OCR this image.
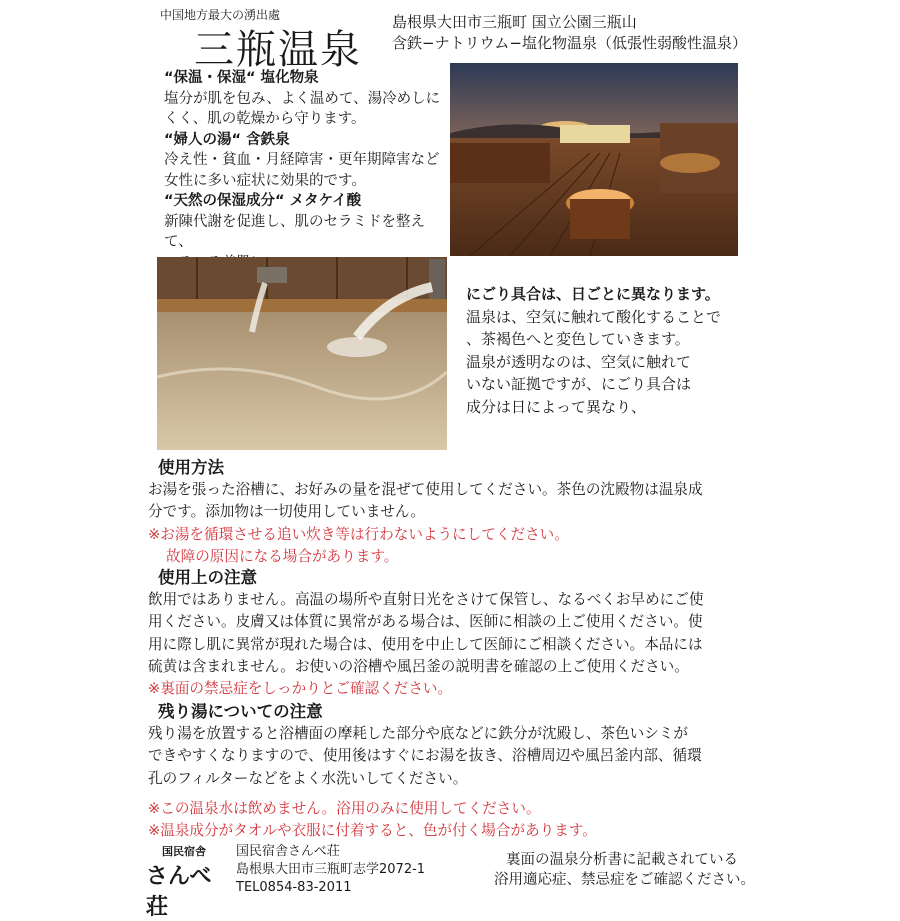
中国地方最大の湧出處
三瓶温泉
島根県大田市三瓶町 国立公園三瓶山
含鉄−ナトリウム−塩化物温泉（低張性弱酸性温泉）
“保温・保湿“ 塩化物泉
塩分が肌を包み、よく温めて、湯冷めしに
くく、肌の乾燥から守ります。
“婦人の湯“ 含鉄泉
冷え性・貧血・月経障害・更年期障害など
女性に多い症状に効果的です。
“天然の保湿成分“ メタケイ酸
新陳代謝を促進し、肌のセラミドを整えて、
にごり具合は、日ごとに異なります。
温泉は、空気に触れて酸化することで
、茶褐色へと変色していきます。
温泉が透明なのは、空気に触れて
いない証拠ですが、にごり具合は
成分は日によって異なり、
使用方法
お湯を張った浴槽に、お好みの量を混ぜて使用してください。茶色の沈殿物は温泉成
分です。添加物は一切使用していません。
※お湯を循環させる追い炊き等は行わないようにしてください。
故障の原因になる場合があります。
使用上の注意
飲用ではありません。高温の場所や直射日光をさけて保管し、なるべくお早めにご使
用ください。皮膚又は体質に異常がある場合は、医師に相談の上ご使用ください。使
用に際し肌に異常が現れた場合は、使用を中止して医師にご相談ください。本品には
硫黄は含まれません。お使いの浴槽や風呂釜の説明書を確認の上ご使用ください。
※裏面の禁忌症をしっかりとご確認ください。
残り湯についての注意
残り湯を放置すると浴槽面の摩耗した部分や底などに鉄分が沈殿し、茶色いシミが
できやすくなりますので、使用後はすぐにお湯を抜き、浴槽周辺や風呂釜内部、循環
孔のフィルターなどをよく水洗いしてください。
※この温泉水は飲めません。浴用のみに使用してください。
※温泉成分がタオルや衣服に付着すると、色が付く場合があります。
国民宿舎
さんべ荘
国民宿舎さんべ荘
島根県大田市三瓶町志学2072-1
TEL0854-83-2011
裏面の温泉分析書に記載されている
浴用適応症、禁忌症をご確認ください。
